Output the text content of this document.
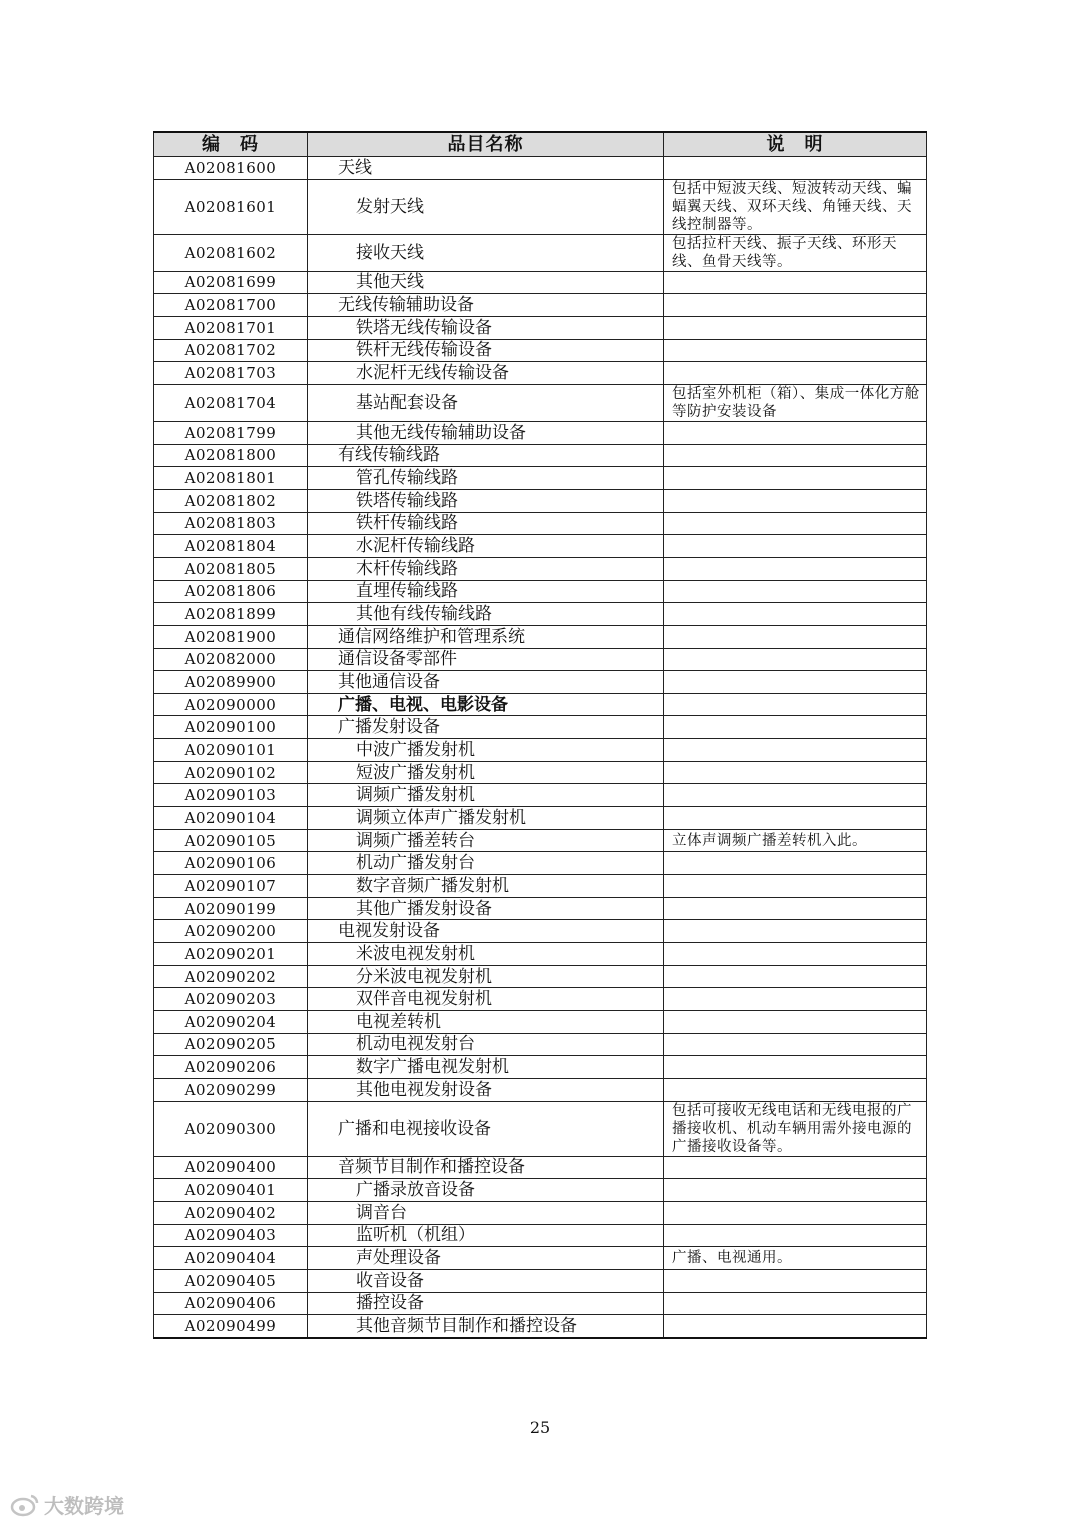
编　码	品目名称	说　明
A02081600	天线	
A02081601	发射天线	包括中短波天线、短波转动天线、蝙蝠翼天线、双环天线、角锤天线、天线控制器等。
A02081602	接收天线	包括拉杆天线、振子天线、环形天线、鱼骨天线等。
A02081699	其他天线	
A02081700	无线传输辅助设备	
A02081701	铁塔无线传输设备	
A02081702	铁杆无线传输设备	
A02081703	水泥杆无线传输设备	
A02081704	基站配套设备	包括室外机柜（箱）、集成一体化方舱等防护安装设备
A02081799	其他无线传输辅助设备	
A02081800	有线传输线路	
A02081801	管孔传输线路	
A02081802	铁塔传输线路	
A02081803	铁杆传输线路	
A02081804	水泥杆传输线路	
A02081805	木杆传输线路	
A02081806	直埋传输线路	
A02081899	其他有线传输线路	
A02081900	通信网络维护和管理系统	
A02082000	通信设备零部件	
A02089900	其他通信设备	
A02090000	广播、电视、电影设备	
A02090100	广播发射设备	
A02090101	中波广播发射机	
A02090102	短波广播发射机	
A02090103	调频广播发射机	
A02090104	调频立体声广播发射机	
A02090105	调频广播差转台	立体声调频广播差转机入此。
A02090106	机动广播发射台	
A02090107	数字音频广播发射机	
A02090199	其他广播发射设备	
A02090200	电视发射设备	
A02090201	米波电视发射机	
A02090202	分米波电视发射机	
A02090203	双伴音电视发射机	
A02090204	电视差转机	
A02090205	机动电视发射台	
A02090206	数字广播电视发射机	
A02090299	其他电视发射设备	
A02090300	广播和电视接收设备	包括可接收无线电话和无线电报的广播接收机、机动车辆用需外接电源的广播接收设备等。
A02090400	音频节目制作和播控设备	
A02090401	广播录放音设备	
A02090402	调音台	
A02090403	监听机（机组）	
A02090404	声处理设备	广播、电视通用。
A02090405	收音设备	
A02090406	播控设备	
A02090499	其他音频节目制作和播控设备	
25
大数跨境
